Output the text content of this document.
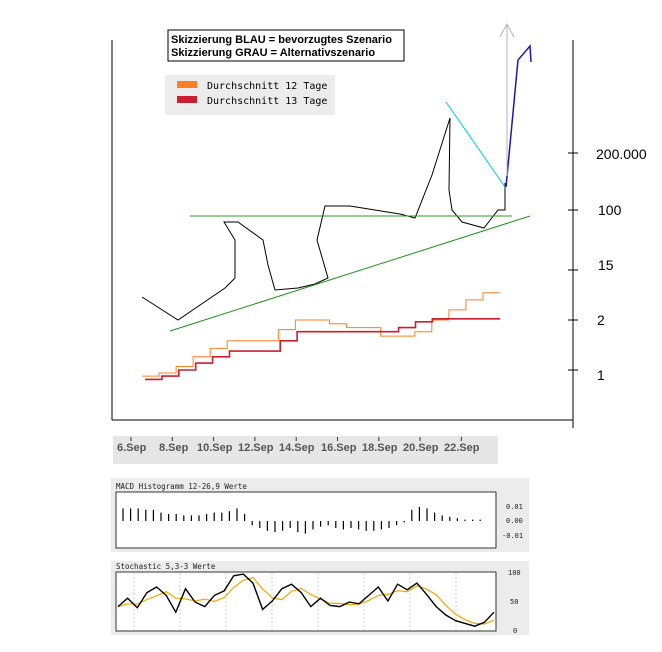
200.000
100
15
2
1
Skizzierung BLAU = bevorzugtes Szenario
Skizzierung GRAU = Alternativszenario
Durchschnitt 12 Tage
Durchschnitt 13 Tage
6.Sep 8.Sep 10.Sep 12.Sep 14.Sep 16.Sep 18.Sep 20.Sep 22.Sep
MACD Histogramm 12-26,9 Werte
0.01
0.00
-0.01
Stochastic 5,3-3 Werte
100
50
0
